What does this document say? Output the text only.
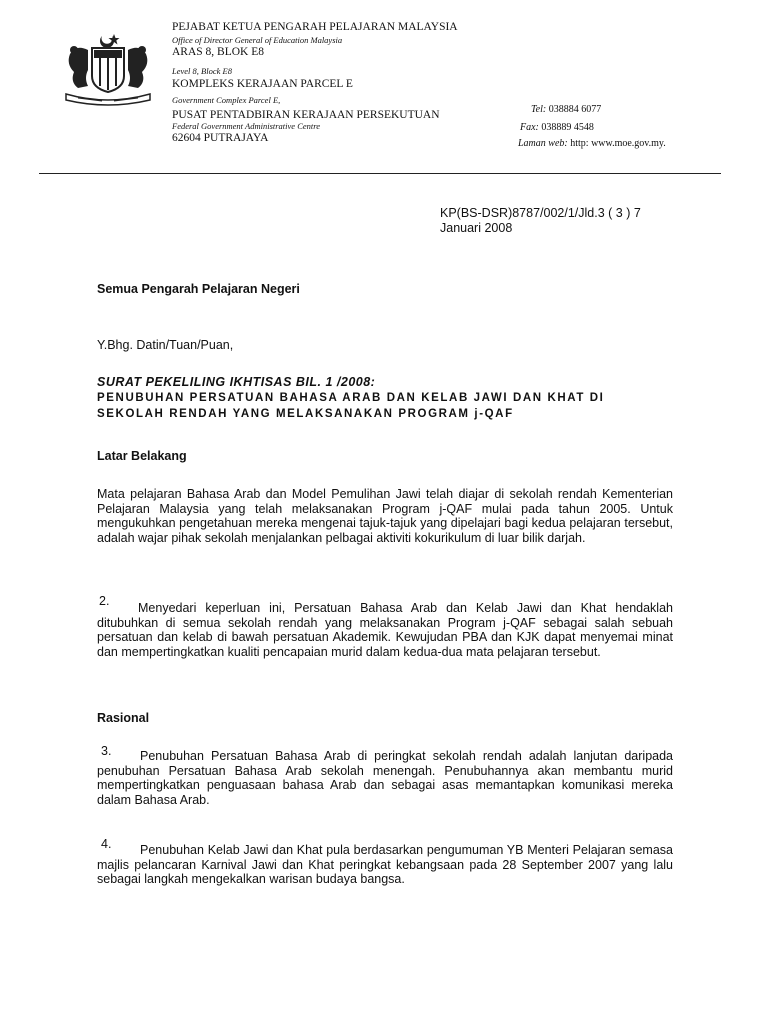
PEJABAT KETUA PENGARAH PELAJARAN MALAYSIA
Office of Director General of Education Malaysia
ARAS 8, BLOK E8
Level 8, Block E8
KOMPLEKS KERAJAAN PARCEL E
Government Complex Parcel E,
PUSAT PENTADBIRAN KERAJAAN PERSEKUTUAN
Federal Government Administrative Centre
62604 PUTRAJAYA
Tel: 038884 6077
Fax: 038889 4548
Laman web: http: www.moe.gov.my.
KP(BS-DSR)8787/002/1/Jld.3 ( 3 ) 7
Januari 2008
Semua Pengarah Pelajaran Negeri
Y.Bhg. Datin/Tuan/Puan,
SURAT PEKELILING IKHTISAS BIL. 1 /2008:
PENUBUHAN PERSATUAN BAHASA ARAB DAN KELAB JAWI DAN KHAT DI
SEKOLAH RENDAH YANG MELAKSANAKAN PROGRAM j-QAF
Latar Belakang
Mata pelajaran Bahasa Arab dan Model Pemulihan Jawi telah diajar di sekolah rendah Kementerian Pelajaran Malaysia yang telah melaksanakan Program j-QAF mulai pada tahun 2005. Untuk mengukuhkan pengetahuan mereka mengenai tajuk-tajuk yang dipelajari bagi kedua pelajaran tersebut, adalah wajar pihak sekolah menjalankan pelbagai aktiviti kokurikulum di luar bilik darjah.
2.	Menyedari keperluan ini, Persatuan Bahasa Arab dan Kelab Jawi dan Khat hendaklah ditubuhkan di semua sekolah rendah yang melaksanakan Program j-QAF sebagai salah sebuah persatuan dan kelab di bawah persatuan Akademik. Kewujudan PBA dan KJK dapat menyemai minat dan mempertingkatkan kualiti pencapaian murid dalam kedua-dua mata pelajaran tersebut.
Rasional
3.	Penubuhan Persatuan Bahasa Arab di peringkat sekolah rendah adalah lanjutan daripada penubuhan Persatuan Bahasa Arab sekolah menengah. Penubuhannya akan membantu murid mempertingkatkan penguasaan bahasa Arab dan sebagai asas memantapkan komunikasi mereka dalam Bahasa Arab.
4.	Penubuhan Kelab Jawi dan Khat pula berdasarkan pengumuman YB Menteri Pelajaran semasa majlis pelancaran Karnival Jawi dan Khat peringkat kebangsaan pada 28 September 2007 yang lalu sebagai langkah mengekalkan warisan budaya bangsa.
